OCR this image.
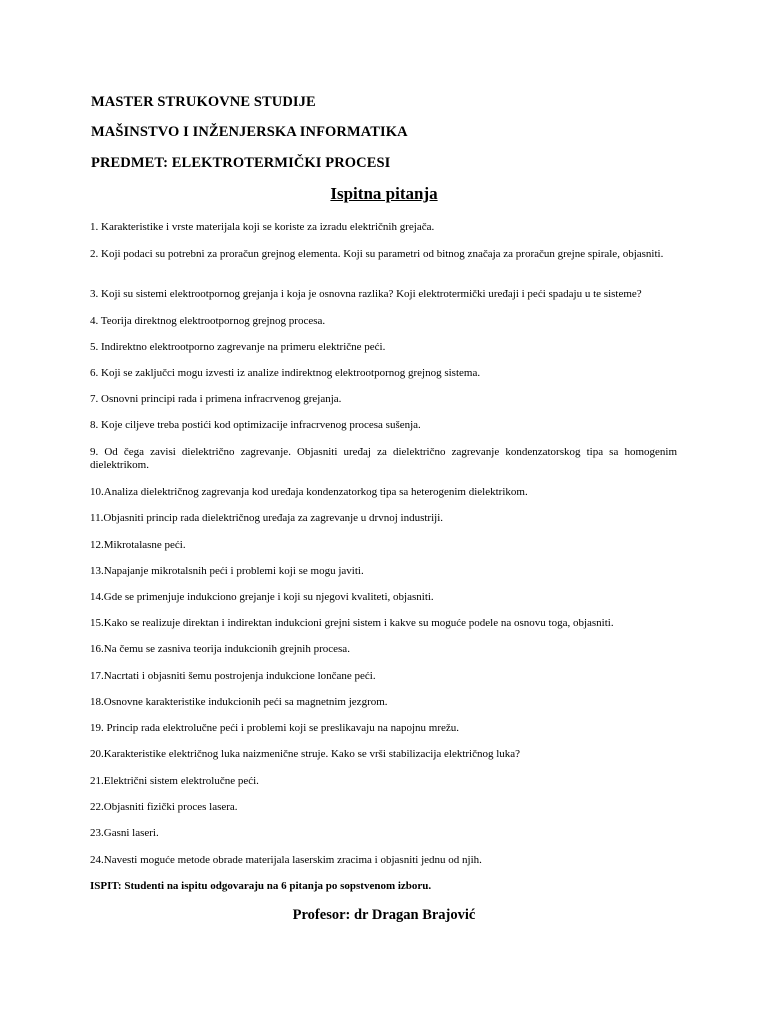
MASTER STRUKOVNE STUDIJE
MAŠINSTVO I INŽENJERSKA INFORMATIKA
PREDMET: ELEKTROTERMIČKI PROCESI
Ispitna pitanja
1. Karakteristike i vrste materijala koji se koriste za izradu električnih grejača.
2. Koji podaci su potrebni za proračun grejnog elementa. Koji su parametri od bitnog značaja za proračun grejne spirale, objasniti.
3. Koji su sistemi elektrootpornog grejanja i koja je osnovna razlika? Koji elektrotermički uređaji i peći spadaju u te sisteme?
4. Teorija direktnog elektrootpornog grejnog procesa.
5. Indirektno elektrootporno zagrevanje na primeru električne peći.
6. Koji se zaključci mogu izvesti iz analize indirektnog elektrootpornog grejnog sistema.
7. Osnovni principi rada i primena infracrvenog grejanja.
8. Koje ciljeve treba postići kod optimizacije infracrvenog procesa sušenja.
9. Od čega zavisi dielektrično zagrevanje. Objasniti uređaj za dielektrično zagrevanje kondenzatorskog tipa sa homogenim dielektrikom.
10.Analiza dielektričnog zagrevanja kod uređaja kondenzatorkog tipa sa heterogenim dielektrikom.
11.Objasniti princip rada dielektričnog uređaja za zagrevanje u drvnoj industriji.
12.Mikrotalasne peći.
13.Napajanje mikrotalsnih peći i problemi koji se mogu javiti.
14.Gde se primenjuje indukciono grejanje i koji su njegovi kvaliteti, objasniti.
15.Kako se realizuje direktan i indirektan indukcioni grejni sistem i kakve su moguće podele na osnovu toga, objasniti.
16.Na čemu se zasniva teorija indukcionih grejnih procesa.
17.Nacrtati i objasniti šemu postrojenja indukcione lončane peći.
18.Osnovne karakteristike indukcionih peći sa magnetnim jezgrom.
19. Princip rada elektrolučne peći i problemi koji se preslikavaju na napojnu mrežu.
20.Karakteristike električnog luka naizmenične struje. Kako se vrši stabilizacija električnog luka?
21.Električni sistem elektrolučne peći.
22.Objasniti fizički proces lasera.
23.Gasni laseri.
24.Navesti moguće metode obrade materijala laserskim zracima i objasniti jednu od njih.
ISPIT: Studenti na ispitu odgovaraju na 6 pitanja po sopstvenom izboru.
Profesor: dr Dragan Brajović
